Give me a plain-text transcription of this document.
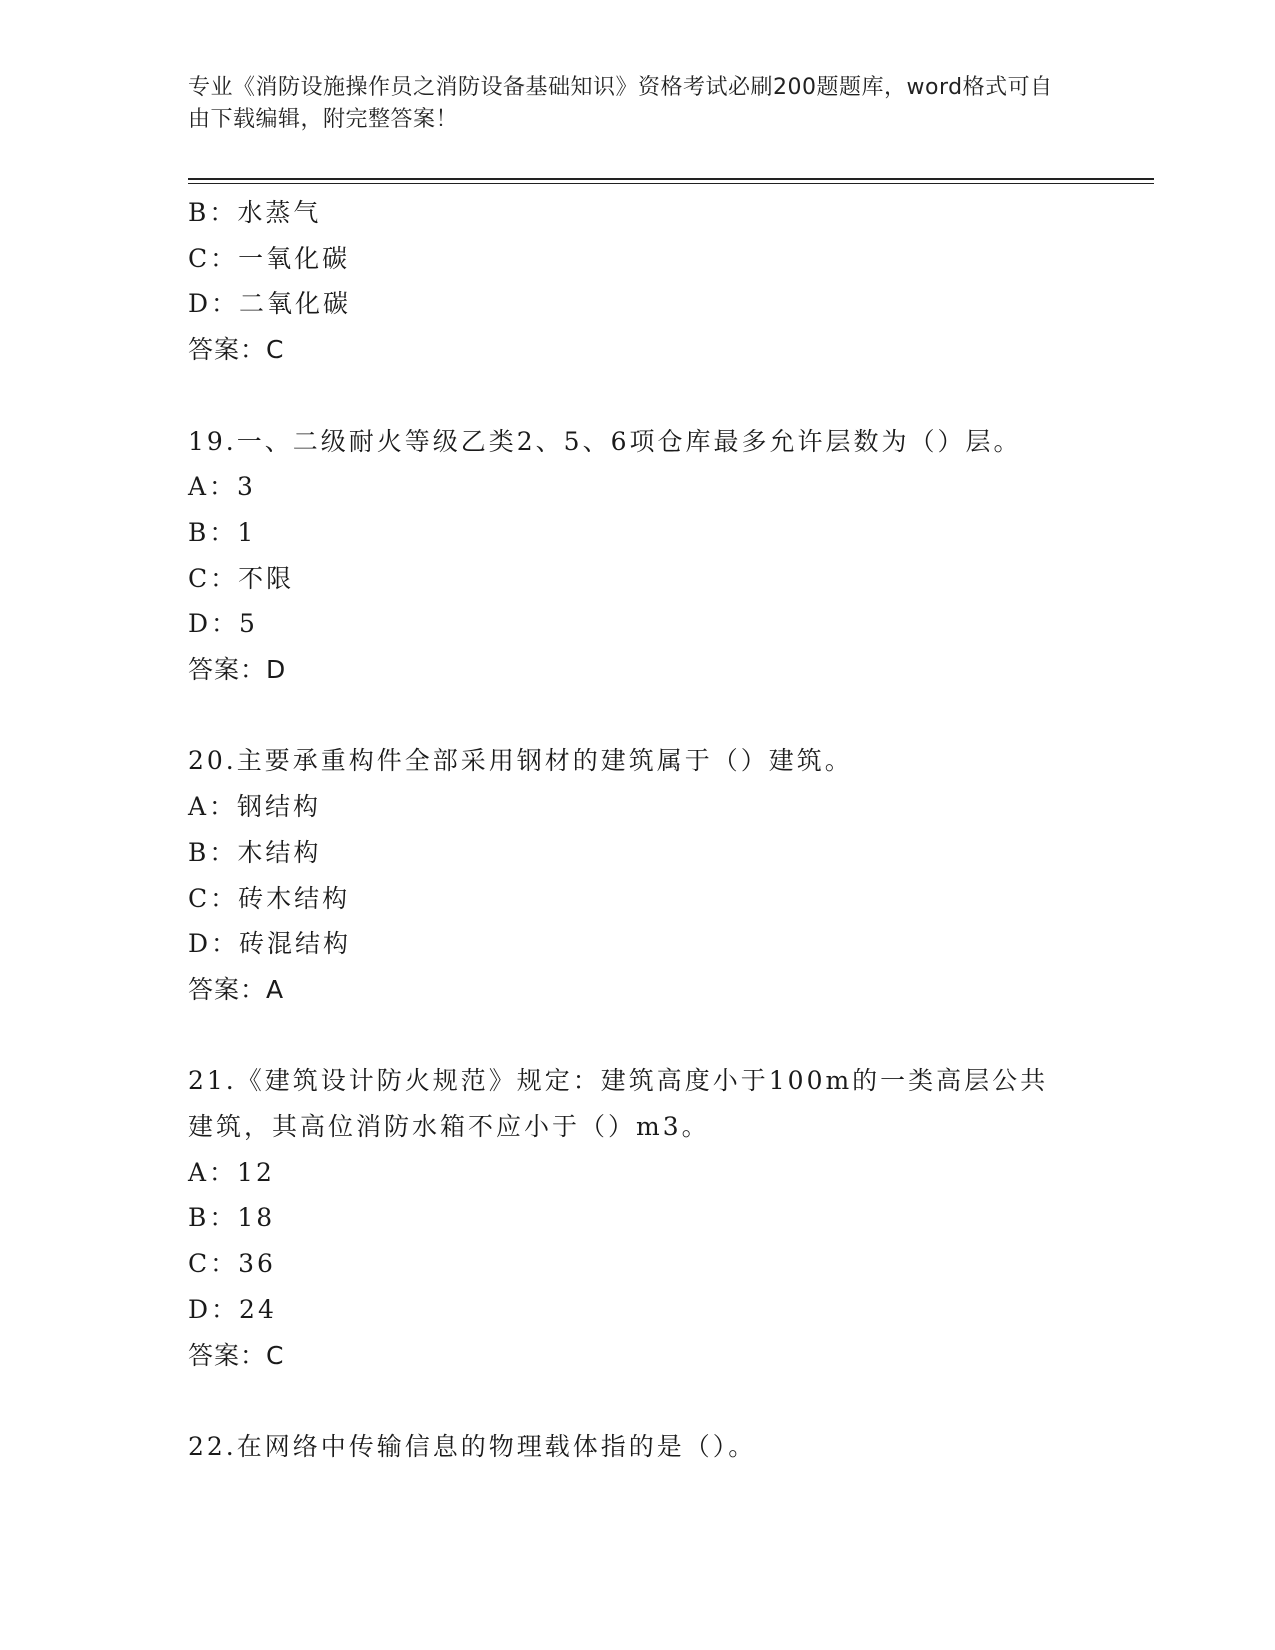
专业《消防设施操作员之消防设备基础知识》资格考试必刷200题题库，word格式可自由下载编辑，附完整答案！
B：水蒸气
C：一氧化碳
D：二氧化碳
答案：C
19.一、二级耐火等级乙类2、5、6项仓库最多允许层数为（）层。
A：3
B：1
C：不限
D：5
答案：D
20.主要承重构件全部采用钢材的建筑属于（）建筑。
A：钢结构
B：木结构
C：砖木结构
D：砖混结构
答案：A
21.《建筑设计防火规范》规定：建筑高度小于100m的一类高层公共建筑，其高位消防水箱不应小于（）m3。
A：12
B：18
C：36
D：24
答案：C
22.在网络中传输信息的物理载体指的是（）。
